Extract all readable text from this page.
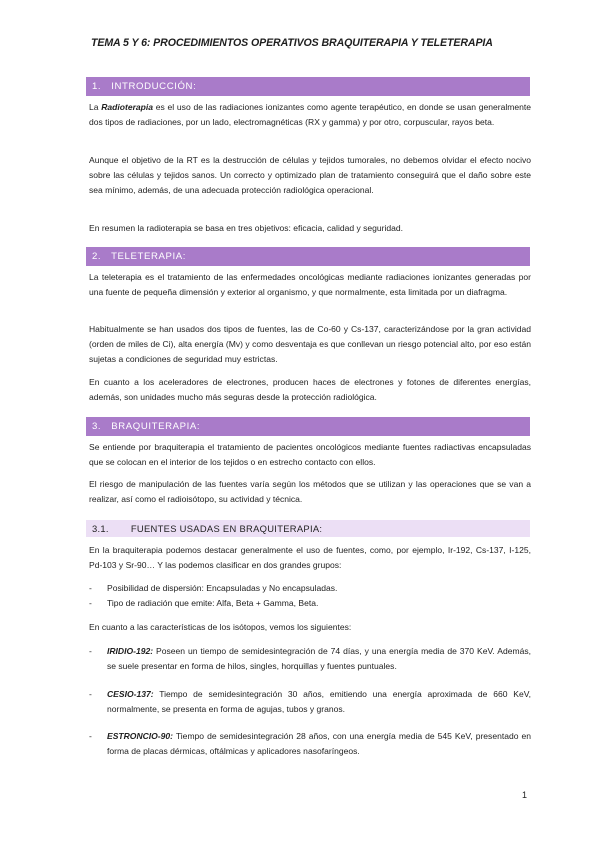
TEMA 5 Y 6: PROCEDIMIENTOS OPERATIVOS BRAQUITERAPIA Y TELETERAPIA
1. INTRODUCCIÓN:
La Radioterapia es el uso de las radiaciones ionizantes como agente terapéutico, en donde se usan generalmente dos tipos de radiaciones, por un lado, electromagnéticas (RX y gamma) y por otro, corpuscular, rayos beta.
Aunque el objetivo de la RT es la destrucción de células y tejidos tumorales, no debemos olvidar el efecto nocivo sobre las células y tejidos sanos. Un correcto y optimizado plan de tratamiento conseguirá que el daño sobre este sea mínimo, además, de una adecuada protección radiológica operacional.
En resumen la radioterapia se basa en tres objetivos: eficacia, calidad y seguridad.
2. TELETERAPIA:
La teleterapia es el tratamiento de las enfermedades oncológicas mediante radiaciones ionizantes generadas por una fuente de pequeña dimensión y exterior al organismo, y que normalmente, esta limitada por un diafragma.
Habitualmente se han usados dos tipos de fuentes, las de Co-60 y Cs-137, caracterizándose por la gran actividad (orden de miles de Ci), alta energía (Mv) y como desventaja es que conllevan un riesgo potencial alto, por eso están sujetas a condiciones de seguridad muy estrictas.
En cuanto a los aceleradores de electrones, producen haces de electrones y fotones de diferentes energías, además, son unidades mucho más seguras desde la protección radiológica.
3. BRAQUITERAPIA:
Se entiende por braquiterapia el tratamiento de pacientes oncológicos mediante fuentes radiactivas encapsuladas que se colocan en el interior de los tejidos o en estrecho contacto con ellos.
El riesgo de manipulación de las fuentes varía según los métodos que se utilizan y las operaciones que se van a realizar, así como el radioisótopo, su actividad y técnica.
3.1. FUENTES USADAS EN BRAQUITERAPIA:
En la braquiterapia podemos destacar generalmente el uso de fuentes, como, por ejemplo, Ir-192, Cs-137, I-125, Pd-103 y Sr-90… Y las podemos clasificar en dos grandes grupos:
- Posibilidad de dispersión: Encapsuladas y No encapsuladas.
- Tipo de radiación que emite: Alfa, Beta + Gamma, Beta.
En cuanto a las características de los isótopos, vemos los siguientes:
- IRIDIO-192: Poseen un tiempo de semidesintegración de 74 días, y una energía media de 370 KeV. Además, se suele presentar en forma de hilos, singles, horquillas y fuentes puntuales.
- CESIO-137: Tiempo de semidesintegración 30 años, emitiendo una energía aproximada de 660 KeV, normalmente, se presenta en forma de agujas, tubos y granos.
- ESTRONCIO-90: Tiempo de semidesintegración 28 años, con una energía media de 545 KeV, presentado en forma de placas dérmicas, oftálmicas y aplicadores nasofaríngeos.
1
